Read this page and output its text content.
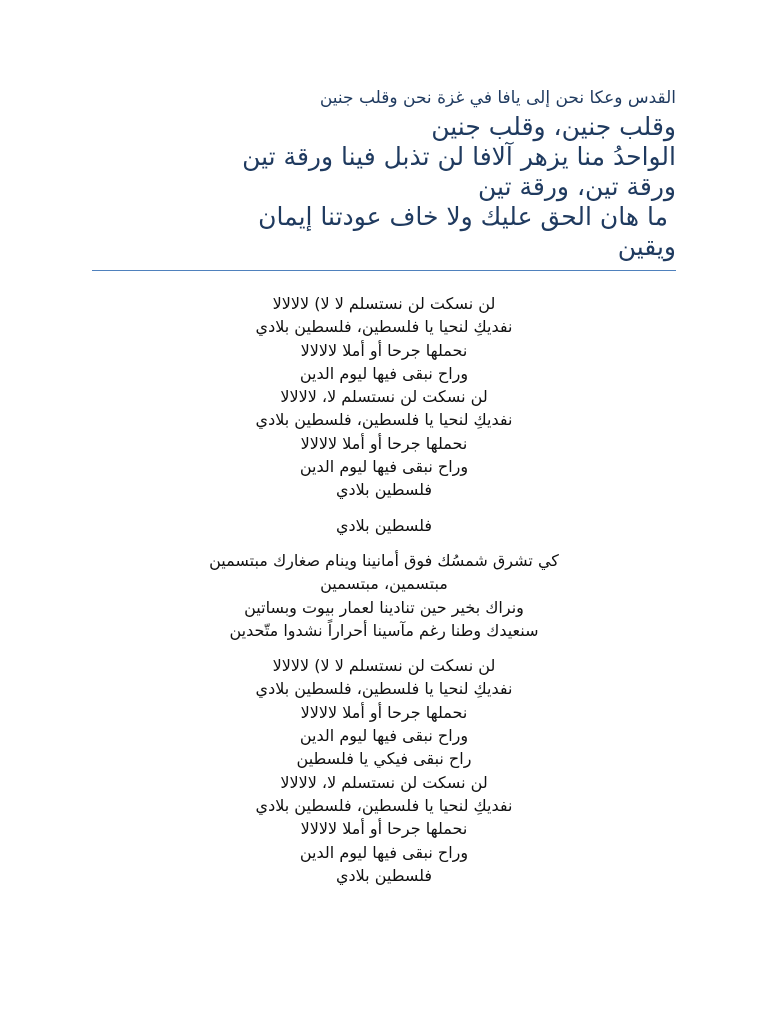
القدس وعكا نحن إلى يافا في غزة نحن وقلب جنين
وقلب جنين، وقلب جنين
الواحدُ منا يزهر آلافا لن تذبل فينا ورقة تين
ورقة تين، ورقة تين
ما هان الحق عليك ولا خاف عودتنا إيمان
ويقين
لن نسكت لن نستسلم لا لا) لالالالا
نفديكِ لنحيا يا فلسطين، فلسطين بلادي
نحملها جرحا أو أملا لالالالا
وراح نبقى فيها ليوم الدين
لن نسكت لن نستسلم لا، لالالالا
نفديكِ لنحيا يا فلسطين، فلسطين بلادي
نحملها جرحا أو أملا لالالالا
وراح نبقى فيها ليوم الدين
فلسطين بلادي
فلسطين بلادي
كي تشرق شمسُك فوق أمانينا وينام صغارك مبتسمين
مبتسمين، مبتسمين
ونراك بخير حين تنادينا لعمار بيوت وبساتين
سنعيدك وطنا رغم مآسينا أحراراً نشدوا متّحدين
لن نسكت لن نستسلم لا لا) لالالالا
نفديكِ لنحيا يا فلسطين، فلسطين بلادي
نحملها جرحا أو أملا لالالالا
وراح نبقى فيها ليوم الدين
راح نبقى فيكي يا فلسطين
لن نسكت لن نستسلم لا، لالالالا
نفديكِ لنحيا يا فلسطين، فلسطين بلادي
نحملها جرحا أو أملا لالالالا
وراح نبقى فيها ليوم الدين
فلسطين بلادي
